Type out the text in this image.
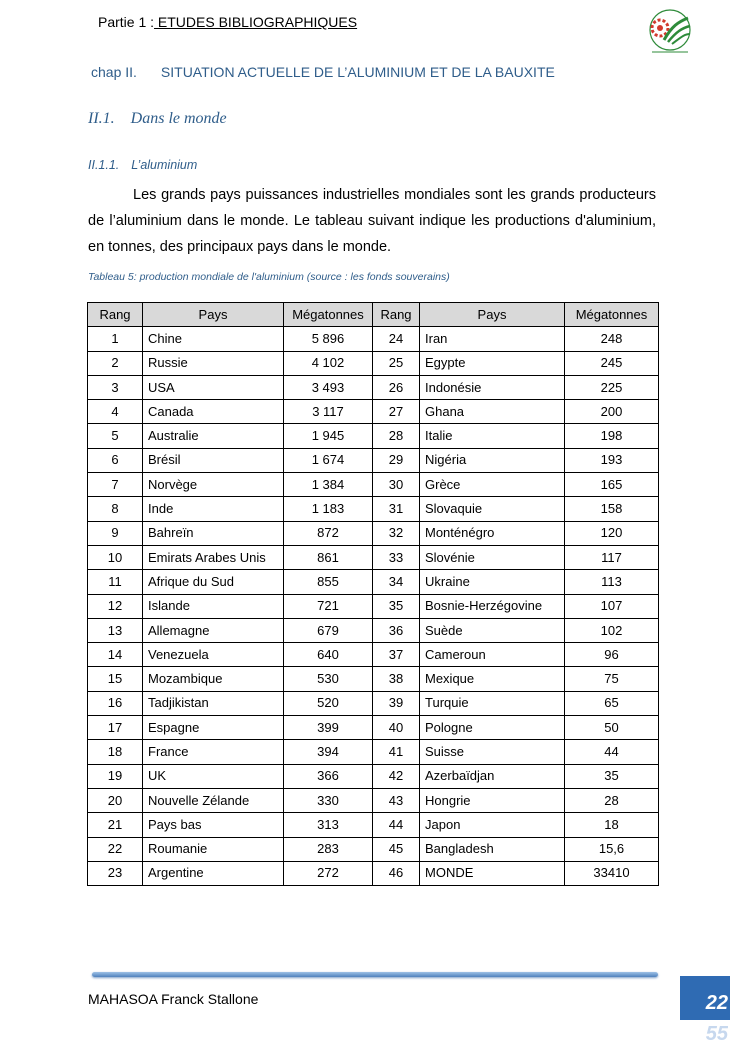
Partie 1 : ETUDES BIBLIOGRAPHIQUES
chap II. SITUATION ACTUELLE DE L’ALUMINIUM ET DE LA BAUXITE
II.1. Dans le monde
II.1.1. L’aluminium

Les grands pays puissances industrielles mondiales sont les grands producteurs de l’aluminium dans le monde. Le tableau suivant indique les productions d'aluminium, en tonnes, des principaux pays dans le monde.

Tableau 5: production mondiale de l'aluminium (source : les fonds souverains)
Rang	Pays	Mégatonnes	Rang	Pays	Mégatonnes
1	Chine	5 896	24	Iran	248
2	Russie	4 102	25	Egypte	245
3	USA	3 493	26	Indonésie	225
4	Canada	3 117	27	Ghana	200
5	Australie	1 945	28	Italie	198
6	Brésil	1 674	29	Nigéria	193
7	Norvège	1 384	30	Grèce	165
8	Inde	1 183	31	Slovaquie	158
9	Bahreïn	872	32	Monténégro	120
10	Emirats Arabes Unis	861	33	Slovénie	117
11	Afrique du Sud	855	34	Ukraine	113
12	Islande	721	35	Bosnie-Herzégovine	107
13	Allemagne	679	36	Suède	102
14	Venezuela	640	37	Cameroun	96
15	Mozambique	530	38	Mexique	75
16	Tadjikistan	520	39	Turquie	65
17	Espagne	399	40	Pologne	50
18	France	394	41	Suisse	44
19	UK	366	42	Azerbaïdjan	35
20	Nouvelle Zélande	330	43	Hongrie	28
21	Pays bas	313	44	Japon	18
22	Roumanie	283	45	Bangladesh	15,6
23	Argentine	272	46	MONDE	33410
MAHASOA Franck Stallone	22
55
